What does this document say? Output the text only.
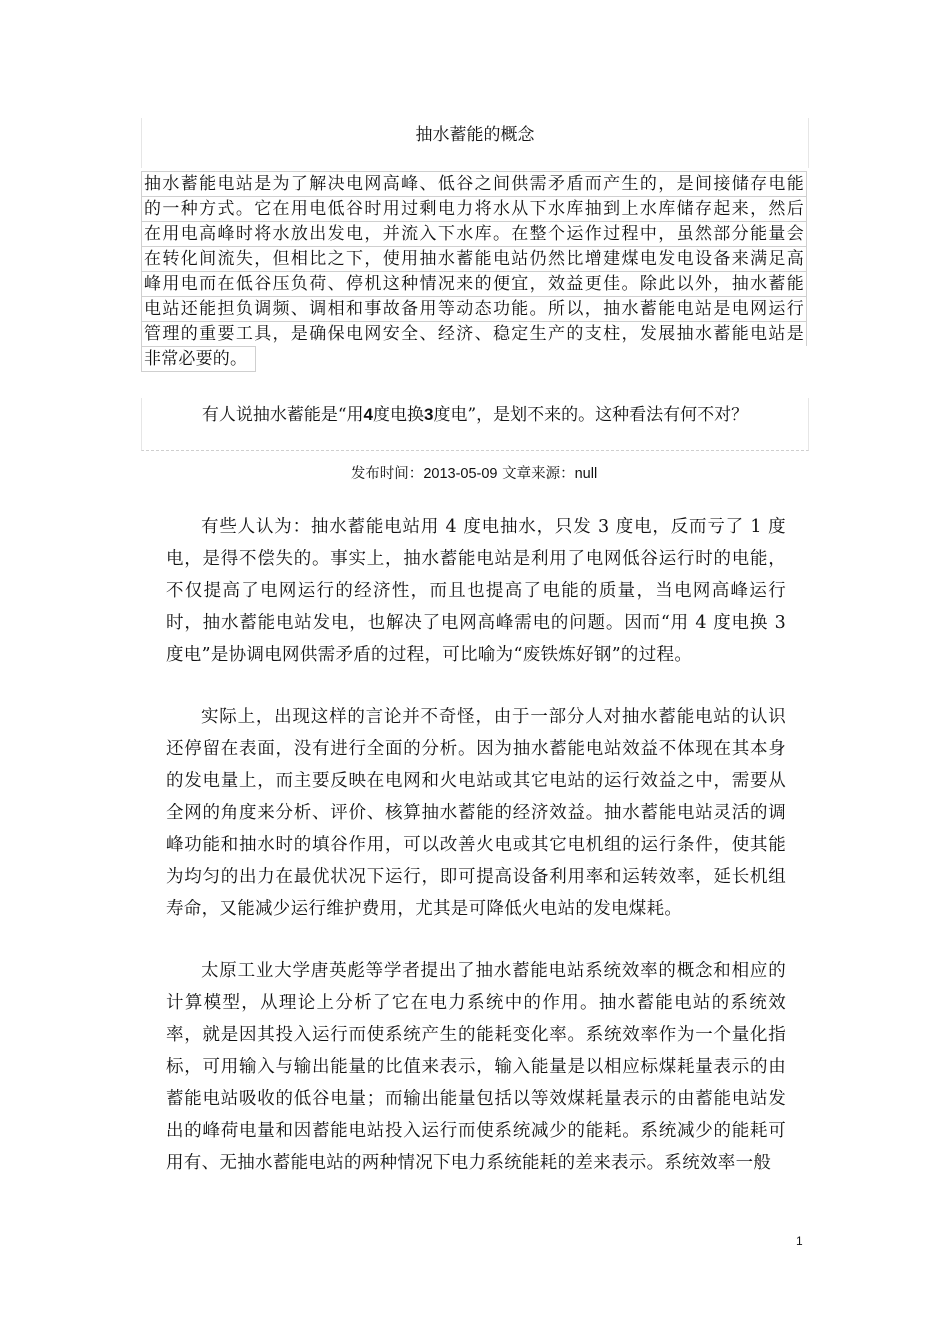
抽水蓄能的概念
抽水蓄能电站是为了解决电网高峰、低谷之间供需矛盾而产生的，是间接储存电能
的一种方式。它在用电低谷时用过剩电力将水从下水库抽到上水库储存起来，然后
在用电高峰时将水放出发电，并流入下水库。在整个运作过程中，虽然部分能量会
在转化间流失，但相比之下，使用抽水蓄能电站仍然比增建煤电发电设备来满足高
峰用电而在低谷压负荷、停机这种情况来的便宜，效益更佳。除此以外，抽水蓄能
电站还能担负调频、调相和事故备用等动态功能。所以，抽水蓄能电站是电网运行
管理的重要工具，是确保电网安全、经济、稳定生产的支柱，发展抽水蓄能电站是
非常必要的。
有人说抽水蓄能是“用4度电换3度电”，是划不来的。这种看法有何不对？
发布时间：2013-05-09 文章来源：null

有些人认为：抽水蓄能电站用 4 度电抽水，只发 3 度电，反而亏了 1 度电，是得不偿失的。事实上，抽水蓄能电站是利用了电网低谷运行时的电能，不仅提高了电网运行的经济性，而且也提高了电能的质量，当电网高峰运行时，抽水蓄能电站发电，也解决了电网高峰需电的问题。因而“用 4 度电换 3 度电”是协调电网供需矛盾的过程，可比喻为“废铁炼好钢”的过程。

实际上，出现这样的言论并不奇怪，由于一部分人对抽水蓄能电站的认识还停留在表面，没有进行全面的分析。因为抽水蓄能电站效益不体现在其本身的发电量上，而主要反映在电网和火电站或其它电站的运行效益之中，需要从全网的角度来分析、评价、核算抽水蓄能的经济效益。抽水蓄能电站灵活的调峰功能和抽水时的填谷作用，可以改善火电或其它电机组的运行条件，使其能为均匀的出力在最优状况下运行，即可提高设备利用率和运转效率，延长机组寿命，又能减少运行维护费用，尤其是可降低火电站的发电煤耗。

太原工业大学唐英彪等学者提出了抽水蓄能电站系统效率的概念和相应的计算模型，从理论上分析了它在电力系统中的作用。抽水蓄能电站的系统效率，就是因其投入运行而使系统产生的能耗变化率。系统效率作为一个量化指标，可用输入与输出能量的比值来表示，输入能量是以相应标煤耗量表示的由蓄能电站吸收的低谷电量；而输出能量包括以等效煤耗量表示的由蓄能电站发出的峰荷电量和因蓄能电站投入运行而使系统减少的能耗。系统减少的能耗可用有、无抽水蓄能电站的两种情况下电力系统能耗的差来表示。系统效率一般

1
